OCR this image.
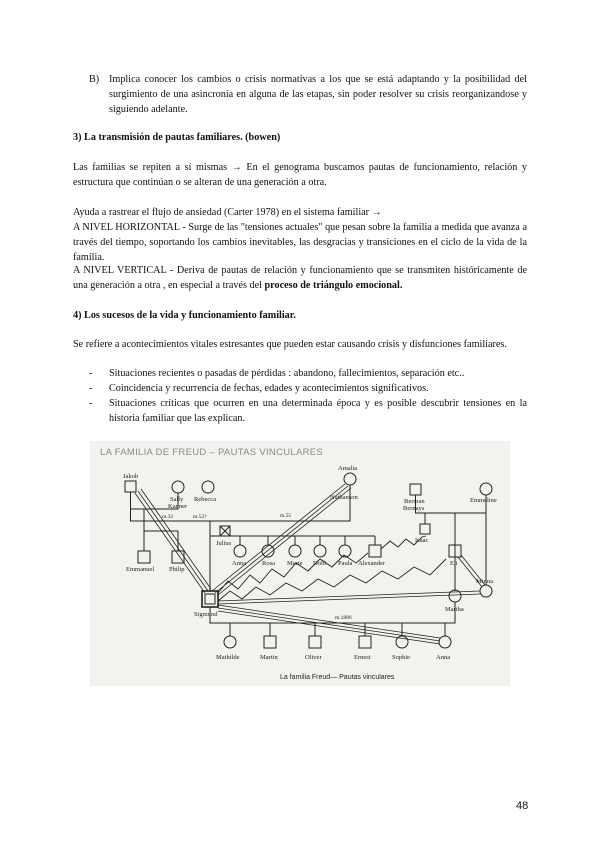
B) Implica conocer los cambios o crisis normativas a los que se está adaptando y la posibilidad del surgimiento de una asincronía en alguna de las etapas, sin poder resolver su crisis reorganizandose y siguiendo adelante.
3) La transmisión de pautas familiares. (bowen)
Las familias se repiten a sí mismas → En el genograma buscamos pautas de funcionamiento, relación y estructura que continúan o se alteran de una generación a otra.
Ayuda a rastrear el flujo de ansiedad (Carter 1978) en el sistema familiar →
A NIVEL HORIZONTAL - Surge de las "tensiones actuales" que pesan sobre la familia a medida que avanza a través del tiempo, soportando los cambios inevitables, las desgracias y transiciones en el ciclo de la vida de la familia.
A NIVEL VERTICAL - Deriva de pautas de relación y funcionamiento que se transmiten históricamente de una generación a otra , en especial a través del proceso de triángulo emocional.
4) Los sucesos de la vida y funcionamiento familiar.
Se refiere a acontecimientos vitales estresantes que pueden estar causando crisis y disfunciones familiares.
- Situaciones recientes o pasadas de pérdidas : abandono, fallecimientos, separación etc..
- Coincidencia y recurrencia de fechas, edades y acontecimientos significativos.
- Situaciones críticas que ocurren en una determinada época y es posible descubrir tensiones en la historia familiar que las explican.
LA FAMILIA DE FREUD – PAUTAS VINCULARES
Jakob
Sally
Kanner
Rebecca
m.32	m.52?
Julius
m.55
Amalia
Nathanson
Berman
Bernays
Emmeline
Isaac
Emmanuel Philip
Anna Rosa Marie Dolfi Paula Alexander	Eli
Minna
Sigmund
Martha
m.1886
Mathilde	Martin	Oliver	Ernest	Sophie	Anna
La familia Freud— Pautas vinculares
48
